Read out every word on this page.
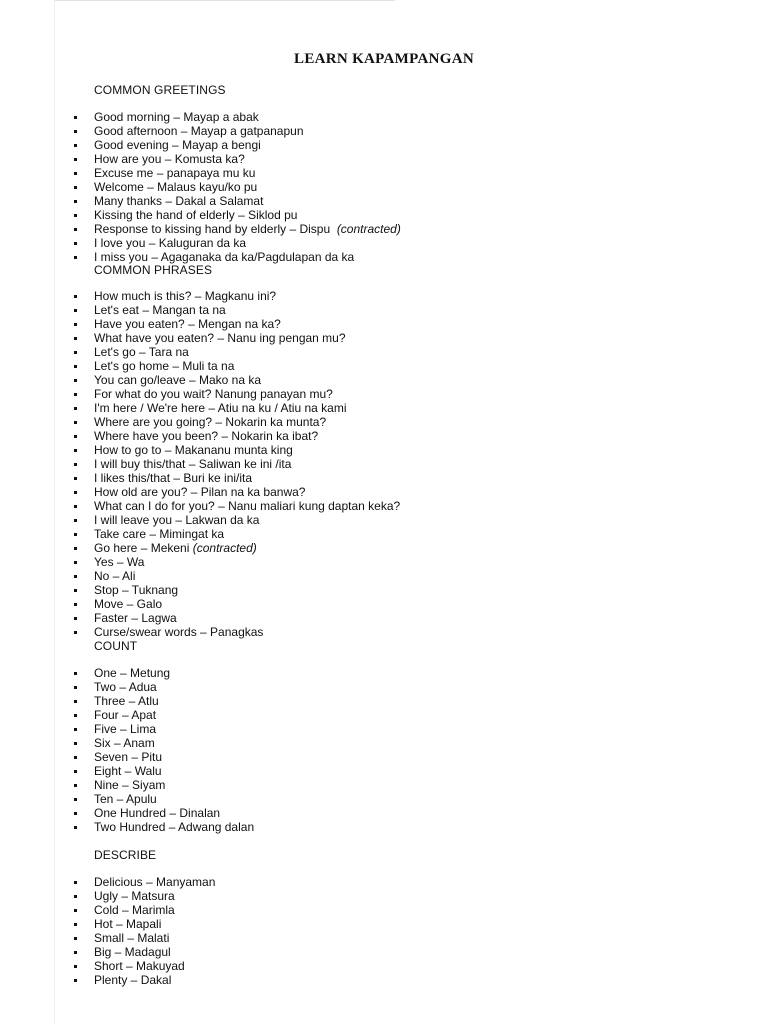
LEARN KAPAMPANGAN
COMMON GREETINGS
Good morning – Mayap a abak
Good afternoon – Mayap a gatpanapun
Good evening – Mayap a bengi
How are you – Komusta ka?
Excuse me – panapaya mu ku
Welcome – Malaus kayu/ko pu
Many thanks – Dakal a Salamat
Kissing the hand of elderly – Siklod pu
Response to kissing hand by elderly – Dispu (contracted)
I love you – Kaluguran da ka
I miss you – Agaganaka da ka/Pagdulapan da ka
COMMON PHRASES
How much is this? – Magkanu ini?
Let's eat – Mangan ta na
Have you eaten? – Mengan na ka?
What have you eaten? – Nanu ing pengan mu?
Let's go – Tara na
Let's go home – Muli ta na
You can go/leave – Mako na ka
For what do you wait? Nanung panayan mu?
I'm here / We're here – Atiu na ku / Atiu na kami
Where are you going? – Nokarin ka munta?
Where have you been? – Nokarin ka ibat?
How to go to – Makananu munta king
I will buy this/that – Saliwan ke ini /ita
I likes this/that – Buri ke ini/ita
How old are you? – Pilan na ka banwa?
What can I do for you? – Nanu maliari kung daptan keka?
I will leave you – Lakwan da ka
Take care – Mimingat ka
Go here – Mekeni (contracted)
Yes – Wa
No – Ali
Stop – Tuknang
Move – Galo
Faster – Lagwa
Curse/swear words – Panagkas
COUNT
One – Metung
Two – Adua
Three – Atlu
Four – Apat
Five – Lima
Six – Anam
Seven – Pitu
Eight – Walu
Nine – Siyam
Ten – Apulu
One Hundred – Dinalan
Two Hundred – Adwang dalan
DESCRIBE
Delicious – Manyaman
Ugly – Matsura
Cold – Marimla
Hot – Mapali
Small – Malati
Big – Madagul
Short – Makuyad
Plenty – Dakal
